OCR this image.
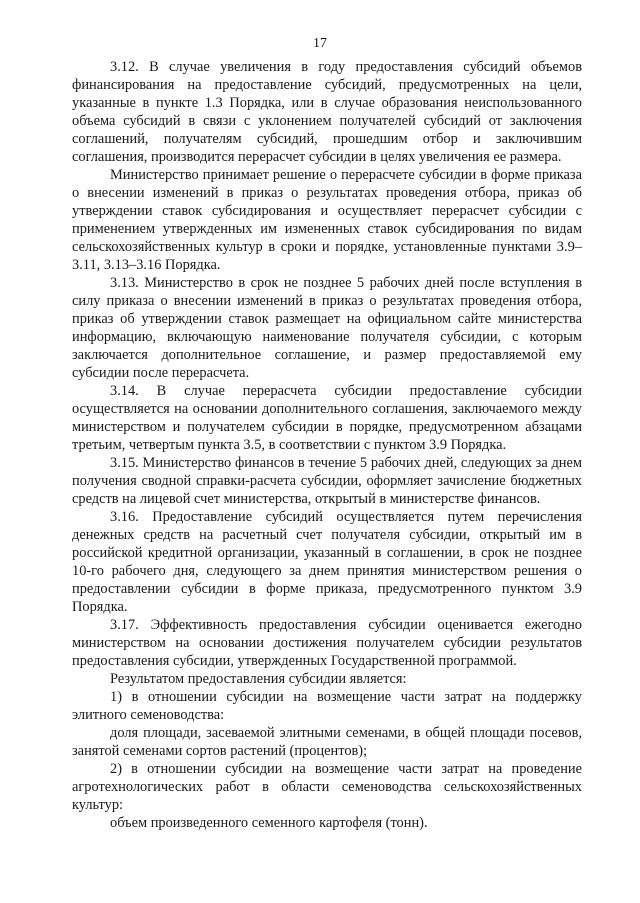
17

3.12. В случае увеличения в году предоставления субсидий объемов финансирования на предоставление субсидий, предусмотренных на цели, указанные в пункте 1.3 Порядка, или в случае образования неиспользованного объема субсидий в связи с уклонением получателей субсидий от заключения соглашений, получателям субсидий, прошедшим отбор и заключившим соглашения, производится перерасчет субсидии в целях увеличения ее размера.

Министерство принимает решение о перерасчете субсидии в форме приказа о внесении изменений в приказ о результатах проведения отбора, приказ об утверждении ставок субсидирования и осуществляет перерасчет субсидии с применением утвержденных им измененных ставок субсидирования по видам сельскохозяйственных культур в сроки и порядке, установленные пунктами 3.9–3.11, 3.13–3.16 Порядка.

3.13. Министерство в срок не позднее 5 рабочих дней после вступления в силу приказа о внесении изменений в приказ о результатах проведения отбора, приказ об утверждении ставок размещает на официальном сайте министерства информацию, включающую наименование получателя субсидии, с которым заключается дополнительное соглашение, и размер предоставляемой ему субсидии после перерасчета.

3.14. В случае перерасчета субсидии предоставление субсидии осуществляется на основании дополнительного соглашения, заключаемого между министерством и получателем субсидии в порядке, предусмотренном абзацами третьим, четвертым пункта 3.5, в соответствии с пунктом 3.9 Порядка.

3.15. Министерство финансов в течение 5 рабочих дней, следующих за днем получения сводной справки-расчета субсидии, оформляет зачисление бюджетных средств на лицевой счет министерства, открытый в министерстве финансов.

3.16. Предоставление субсидий осуществляется путем перечисления денежных средств на расчетный счет получателя субсидии, открытый им в российской кредитной организации, указанный в соглашении, в срок не позднее 10-го рабочего дня, следующего за днем принятия министерством решения о предоставлении субсидии в форме приказа, предусмотренного пунктом 3.9 Порядка.

3.17. Эффективность предоставления субсидии оценивается ежегодно министерством на основании достижения получателем субсидии результатов предоставления субсидии, утвержденных Государственной программой.

Результатом предоставления субсидии является:

1) в отношении субсидии на возмещение части затрат на поддержку элитного семеноводства:

доля площади, засеваемой элитными семенами, в общей площади посевов, занятой семенами сортов растений (процентов);

2) в отношении субсидии на возмещение части затрат на проведение агротехнологических работ в области семеноводства сельскохозяйственных культур:

объем произведенного семенного картофеля (тонн).
